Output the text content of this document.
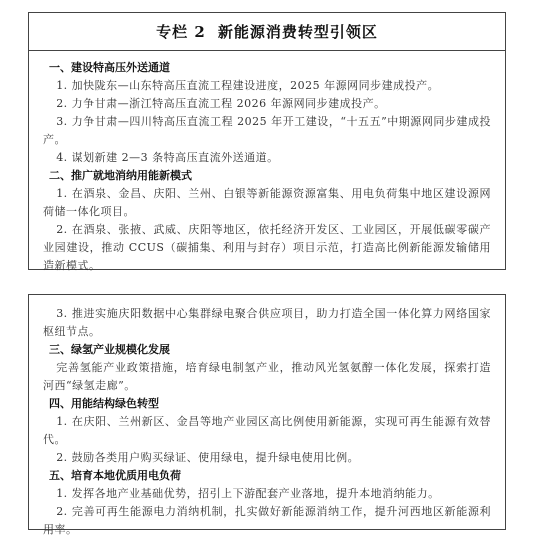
专栏 2 新能源消费转型引领区
一、建设特高压外送通道
1. 加快陇东—山东特高压直流工程建设进度，2025 年源网同步建成投产。
2. 力争甘肃—浙江特高压直流工程 2026 年源网同步建成投产。
3. 力争甘肃—四川特高压直流工程 2025 年开工建设，“十五五”中期源网同步建成投产。
4. 谋划新建 2—3 条特高压直流外送通道。
二、推广就地消纳用能新模式
1. 在酒泉、金昌、庆阳、兰州、白银等新能源资源富集、用电负荷集中地区建设源网荷储一体化项目。
2. 在酒泉、张掖、武威、庆阳等地区，依托经济开发区、工业园区，开展低碳零碳产业园建设，推动 CCUS（碳捕集、利用与封存）项目示范，打造高比例新能源发输储用造新模式。
3. 推进实施庆阳数据中心集群绿电聚合供应项目，助力打造全国一体化算力网络国家枢纽节点。
三、绿氢产业规模化发展
完善氢能产业政策措施，培育绿电制氢产业，推动风光氢氨醇一体化发展，探索打造河西“绿氢走廊”。
四、用能结构绿色转型
1. 在庆阳、兰州新区、金昌等地产业园区高比例使用新能源，实现可再生能源有效替代。
2. 鼓励各类用户购买绿证、使用绿电，提升绿电使用比例。
五、培育本地优质用电负荷
1. 发挥各地产业基础优势，招引上下游配套产业落地，提升本地消纳能力。
2. 完善可再生能源电力消纳机制，扎实做好新能源消纳工作，提升河西地区新能源利用率。
